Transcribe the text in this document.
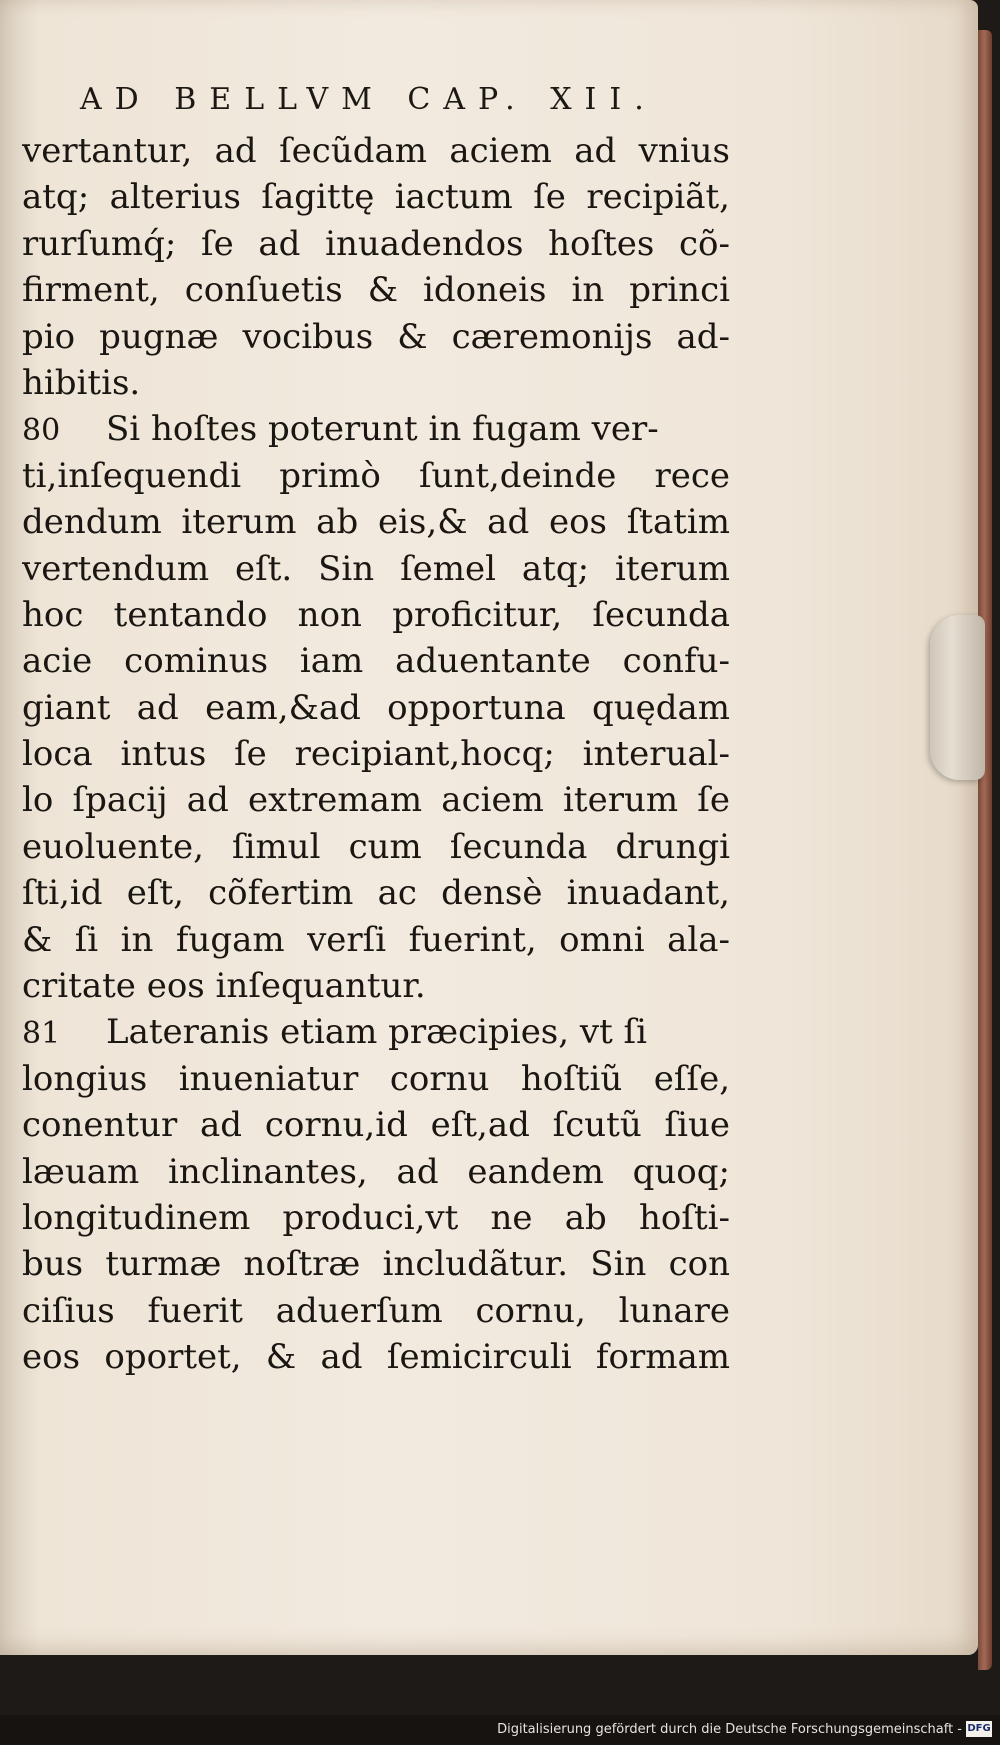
AD BELLVM CAP. XII.
vertantur, ad ſecũdam aciem ad vnius
atq; alterius ſagittę iactum ſe recipiãt,
rurſumq́; ſe ad inuadendos hoſtes cõ-
firment, conſuetis & idoneis in princi
pio pugnæ vocibus & cæremonijs ad-
hibitis.
80 Si hoſtes poterunt in fugam ver-
ti,inſequendi primò ſunt,deinde rece
dendum iterum ab eis,& ad eos ſtatim
vertendum eſt. Sin ſemel atq; iterum
hoc tentando non proficitur, ſecunda
acie cominus iam aduentante confu-
giant ad eam,&ad opportuna quędam
loca intus ſe recipiant,hocq; interual-
lo ſpacij ad extremam aciem iterum ſe
euoluente, ſimul cum ſecunda drungi
ſti,id eſt, cõfertim ac densè inuadant,
& ſi in fugam verſi fuerint, omni ala-
critate eos inſequantur.
81 Lateranis etiam præcipies, vt ſi
longius inueniatur cornu hoſtiũ eſſe,
conentur ad cornu,id eſt,ad ſcutũ ſiue
læuam inclinantes, ad eandem quoq;
longitudinem produci,vt ne ab hoſti-
bus turmæ noſtræ includãtur. Sin con
ciſius fuerit aduerſum cornu, lunare
eos oportet, & ad ſemicirculi formam
Digitalisierung gefördert durch die Deutsche Forschungsgemeinschaft - DFG
